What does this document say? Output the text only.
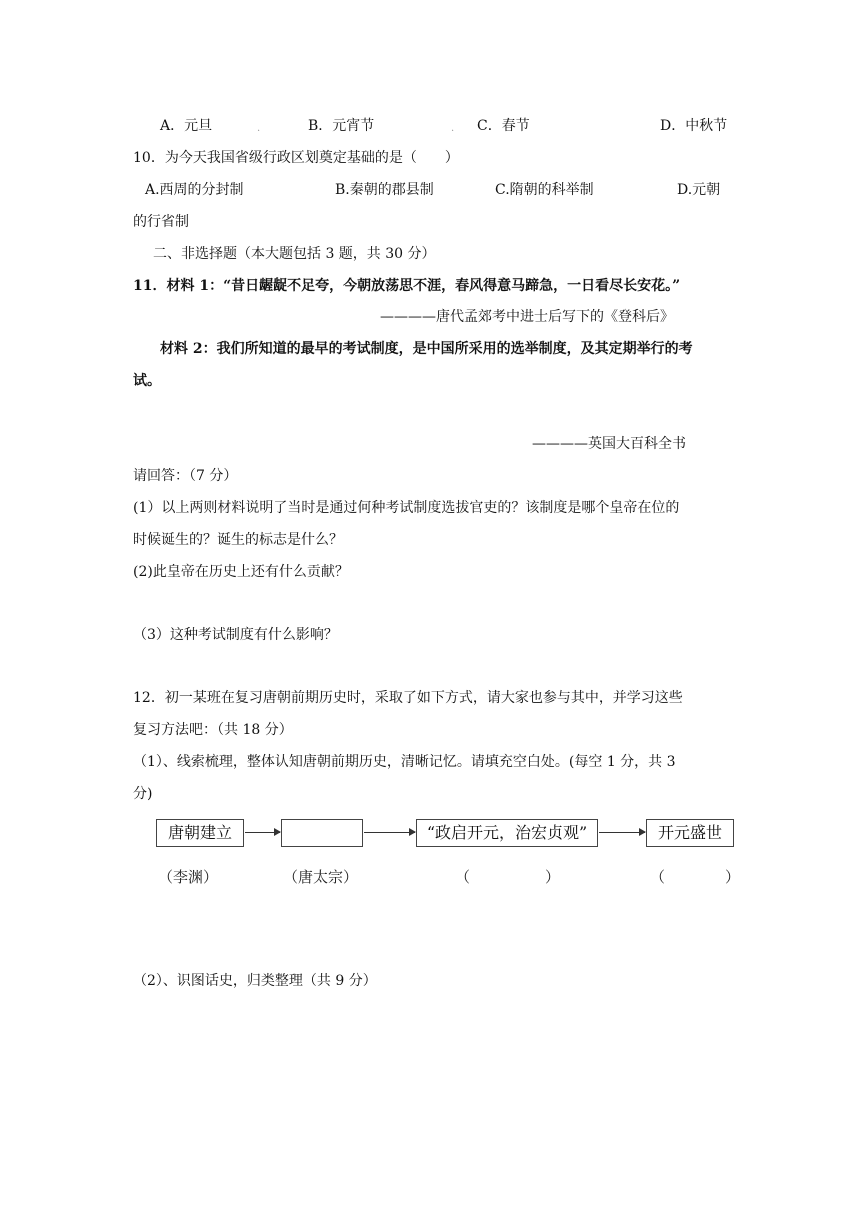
A．元旦	.	B．元宵节	. C．春节	D．中秋节
10．为今天我国省级行政区划奠定基础的是（　　）
A.西周的分封制	B.秦朝的郡县制	C.隋朝的科举制	D.元朝
的行省制
二、非选择题（本大题包括 3 题，共 30 分）
11．材料 1：“昔日龌龊不足夸，今朝放荡思不涯，春风得意马蹄急，一日看尽长安花。”
————唐代孟郊考中进士后写下的《登科后》
材料 2：我们所知道的最早的考试制度，是中国所采用的选举制度，及其定期举行的考
试。
————英国大百科全书
请回答：（7 分）
(1）以上两则材料说明了当时是通过何种考试制度选拔官吏的？该制度是哪个皇帝在位的
时候诞生的？诞生的标志是什么？
(2)此皇帝在历史上还有什么贡献？
（3）这种考试制度有什么影响？
12．初一某班在复习唐朝前期历史时，采取了如下方式，请大家也参与其中，并学习这些
复习方法吧：（共 18 分）
（1）、线索梳理，整体认知唐朝前期历史，清晰记忆。请填充空白处。(每空 1 分，共 3
分)
唐朝建立	“政启开元，治宏贞观”	开元盛世
（李渊）	（唐太宗）	（　　　　　）	（　　　　）
（2）、识图话史，归类整理（共 9 分）
